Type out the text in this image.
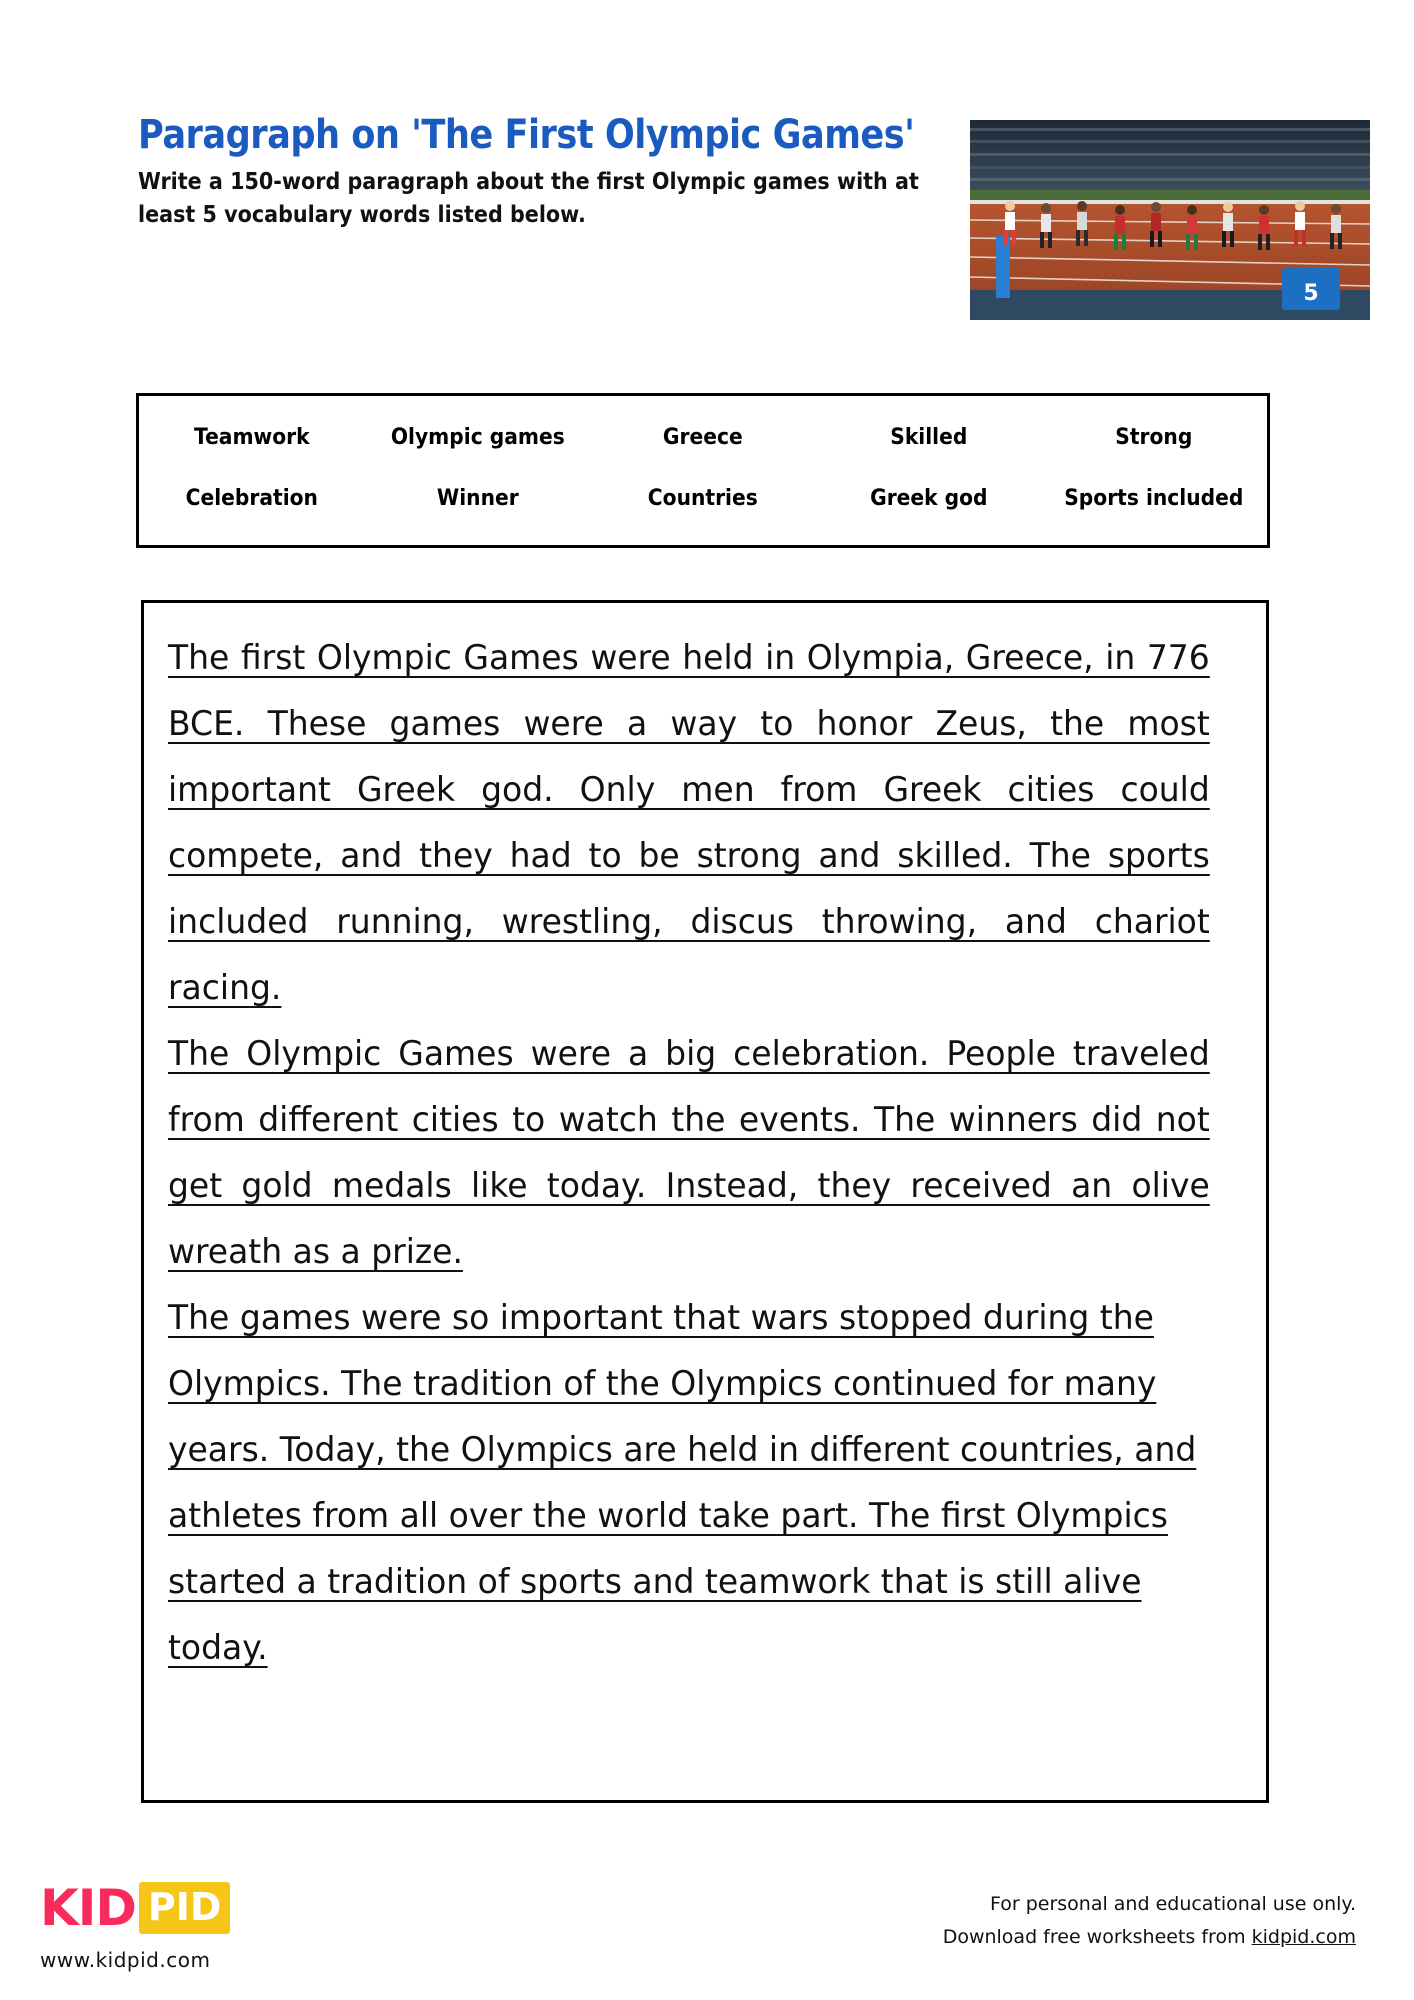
Paragraph on 'The First Olympic Games'

Write a 150-word paragraph about the first Olympic games with at least 5 vocabulary words listed below.

5
Teamwork	Olympic games	Greece	Skilled	Strong
Celebration	Winner	Countries	Greek god	Sports included

The first Olympic Games were held in Olympia, Greece, in 776 BCE. These games were a way to honor Zeus, the most important Greek god. Only men from Greek cities could compete, and they had to be strong and skilled. The sports included running, wrestling, discus throwing, and chariot racing.

The Olympic Games were a big celebration. People traveled from different cities to watch the events. The winners did not get gold medals like today. Instead, they received an olive wreath as a prize.

The games were so important that wars stopped during the Olympics. The tradition of the Olympics continued for many years. Today, the Olympics are held in different countries, and athletes from all over the world take part. The first Olympics started a tradition of sports and teamwork that is still alive today.

KID PID
www.kidpid.com
For personal and educational use only.
Download free worksheets from kidpid.com
